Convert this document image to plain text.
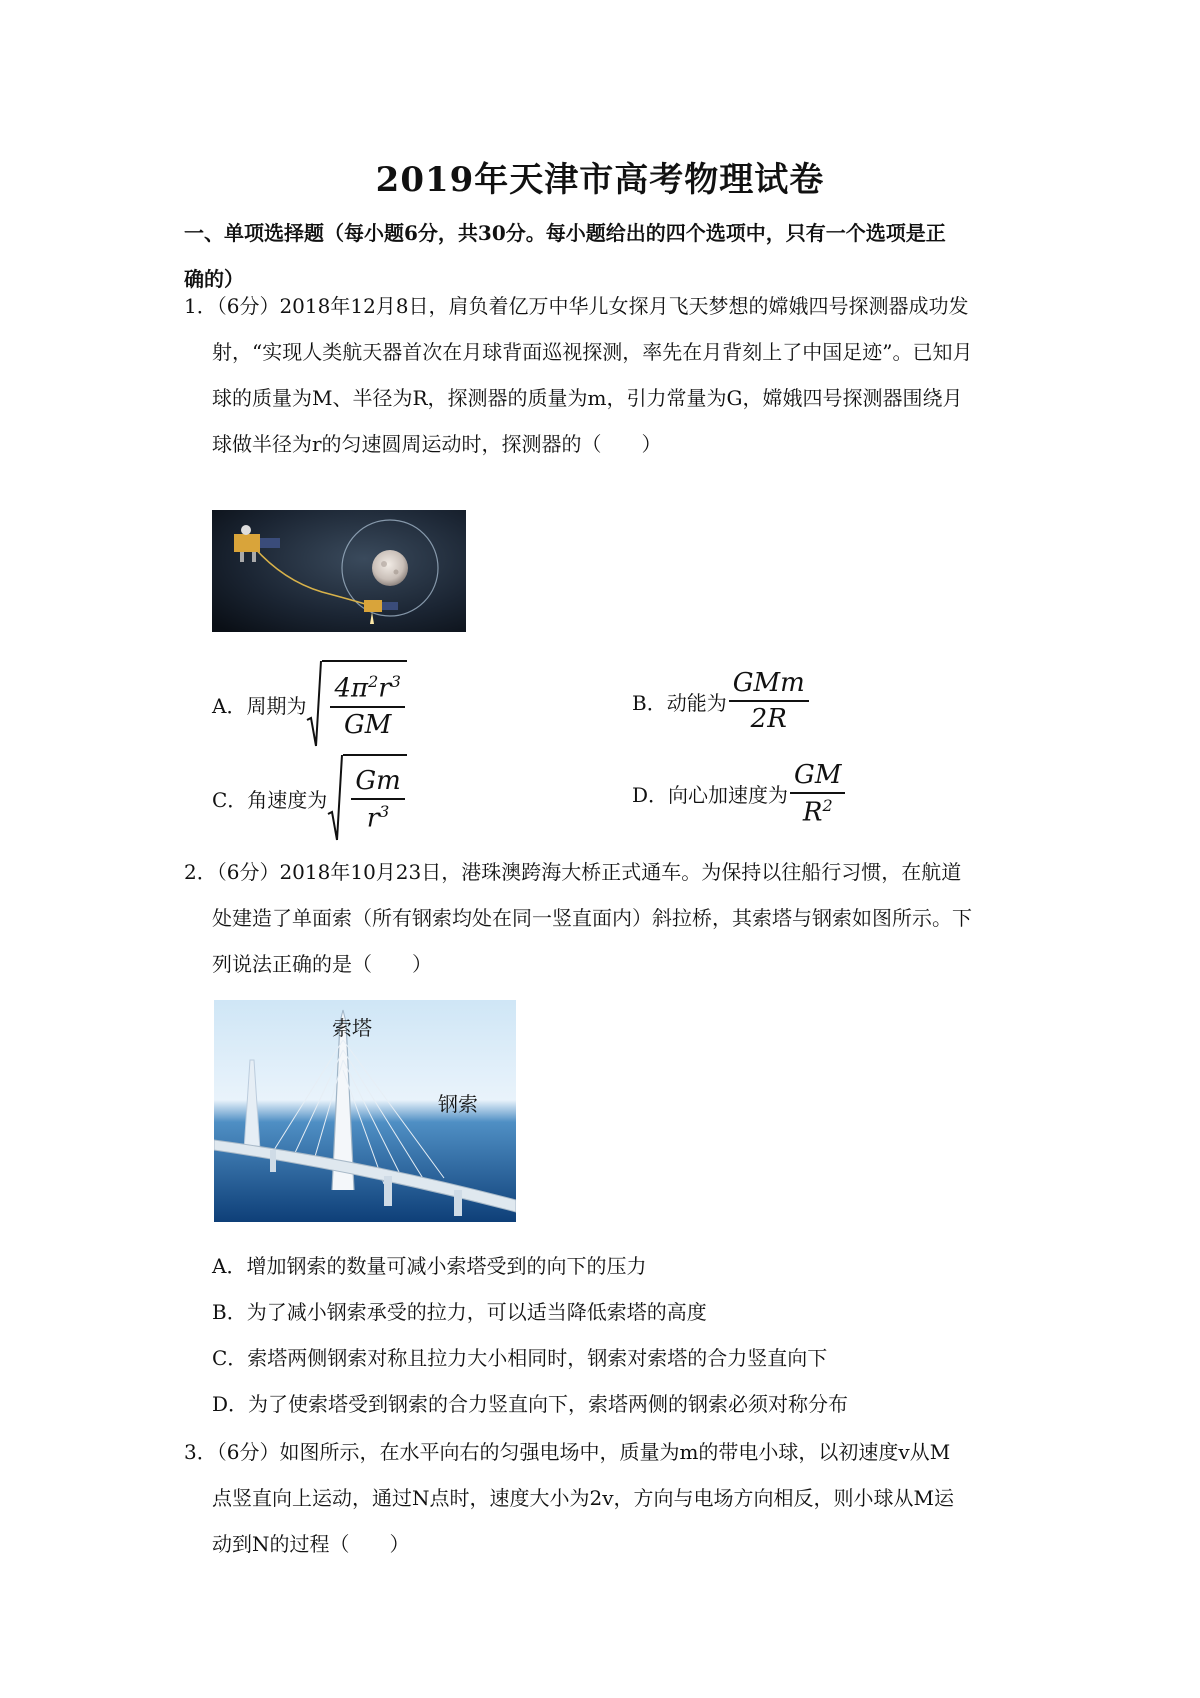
2019年天津市高考物理试卷
一、单项选择题（每小题6分，共30分。每小题给出的四个选项中，只有一个选项是正
确的）
1．（6分）2018年12月8日，肩负着亿万中华儿女探月飞天梦想的嫦娥四号探测器成功发
射，“实现人类航天器首次在月球背面巡视探测，率先在月背刻上了中国足迹”。已知月
球的质量为M、半径为R，探测器的质量为m，引力常量为G，嫦娥四号探测器围绕月
球做半径为r的匀速圆周运动时，探测器的（　　）
A．周期为 $\frac{4\pi^2r^3}{GM}$	B．动能为 $\frac{\text{GMm}}{2R}$
C．角速度为 $\frac{Gm}{r^3}$	D．向心加速度为 $\frac{GM}{R^2}$
2．（6分）2018年10月23日，港珠澳跨海大桥正式通车。为保持以往船行习惯，在航道
处建造了单面索（所有钢索均处在同一竖直面内）斜拉桥，其索塔与钢索如图所示。下
列说法正确的是（　　）
索塔
钢索
A．增加钢索的数量可减小索塔受到的向下的压力
B．为了减小钢索承受的拉力，可以适当降低索塔的高度
C．索塔两侧钢索对称且拉力大小相同时，钢索对索塔的合力竖直向下
D．为了使索塔受到钢索的合力竖直向下，索塔两侧的钢索必须对称分布
3．（6分）如图所示，在水平向右的匀强电场中，质量为m的带电小球，以初速度v从M
点竖直向上运动，通过N点时，速度大小为2v，方向与电场方向相反，则小球从M运
动到N的过程（　　）
